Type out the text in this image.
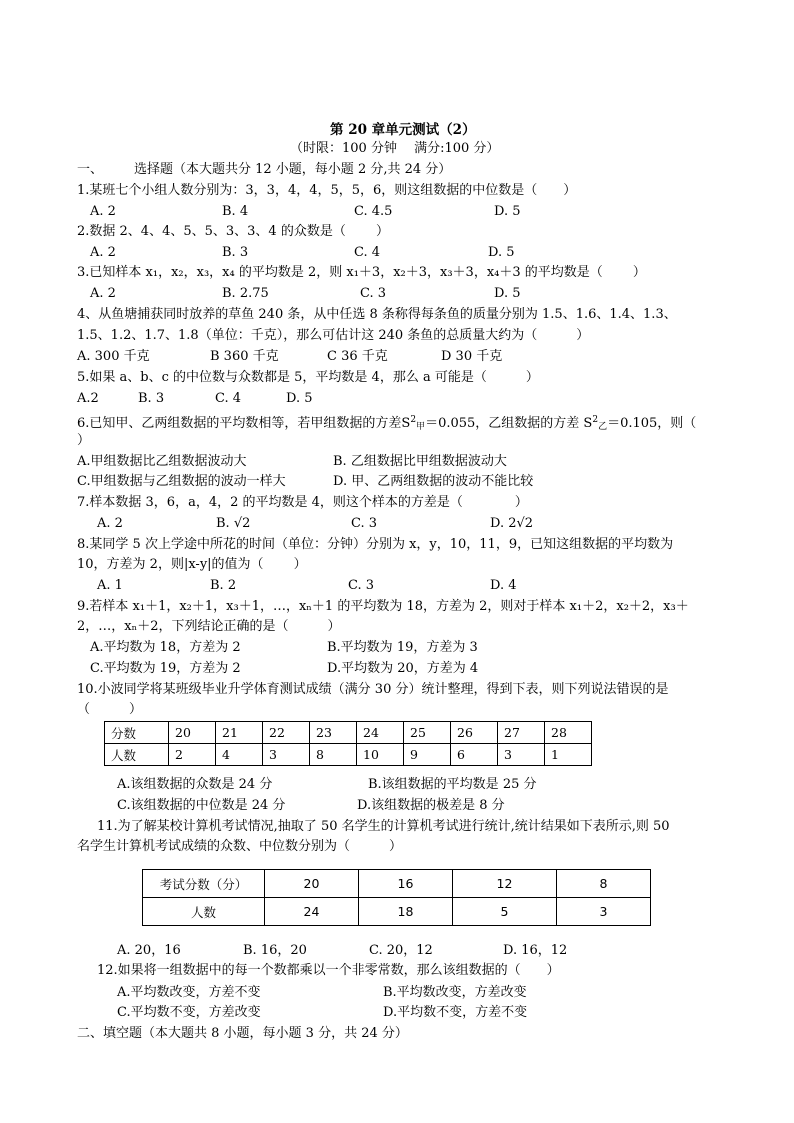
第 20 章单元测试（2）
（时限：100 分钟　 满分:100 分）
一、 选择题（本大题共分 12 小题，每小题 2 分,共 24 分）
1.某班七个小组人数分别为：3，3，4，4，5，5，6，则这组数据的中位数是（　　）
A. 2	B. 4	C. 4.5	D. 5
2.数据 2、4、4、5、5、3、3、4 的众数是（　　 ）
A. 2	B. 3	C. 4	D. 5
3.已知样本 x₁，x₂，x₃，x₄ 的平均数是 2，则 x₁＋3，x₂＋3，x₃＋3，x₄＋3 的平均数是（　　 ）
A. 2	B. 2.75	C. 3	D. 5
4、从鱼塘捕获同时放养的草鱼 240 条，从中任选 8 条称得每条鱼的质量分别为 1.5、1.6、1.4、1.3、
1.5、1.2、1.7、1.8（单位：千克），那么可估计这 240 条鱼的总质量大约为（　　　）
A. 300 千克	B 360 千克	C 36 千克	D 30 千克
5.如果 a、b、c 的中位数与众数都是 5，平均数是 4，那么 a 可能是（　　　）
A.2	B. 3	C. 4	D. 5
6.已知甲、乙两组数据的平均数相等，若甲组数据的方差$S^2_甲=0.055$，乙组数据的方差 $S^2_乙=0.105$，则（
）
A.甲组数据比乙组数据波动大	B. 乙组数据比甲组数据波动大
C.甲组数据与乙组数据的波动一样大	D. 甲、乙两组数据的波动不能比较
7.样本数据 3，6，a，4，2 的平均数是 4，则这个样本的方差是（　　　　）
A. 2	B. √2	C. 3	D. 2√2
8.某同学 5 次上学途中所花的时间（单位：分钟）分别为 x，y，10，11，9，已知这组数据的平均数为
10，方差为 2，则|x-y|的值为（　　 ）
A. 1	B. 2	C. 3	D. 4
9.若样本 x₁＋1，x₂＋1，x₃＋1，…，xₙ＋1 的平均数为 18，方差为 2，则对于样本 x₁＋2，x₂＋2，x₃＋
2，…，xₙ＋2，下列结论正确的是（　　　）
A.平均数为 18，方差为 2	B.平均数为 19，方差为 3
C.平均数为 19，方差为 2	D.平均数为 20，方差为 4
10.小波同学将某班级毕业升学体育测试成绩（满分 30 分）统计整理，得到下表，则下列说法错误的是
（　　　）
分数	20	21	22	23	24	25	26	27	28
人数	2	4	3	8	10	9	6	3	1
A.该组数据的众数是 24 分	B.该组数据的平均数是 25 分
C.该组数据的中位数是 24 分	D.该组数据的极差是 8 分
11.为了解某校计算机考试情况,抽取了 50 名学生的计算机考试进行统计,统计结果如下表所示,则 50
名学生计算机考试成绩的众数、中位数分别为（　　　）
考试分数（分）	20	16	12	8
人数	24	18	5	3
A. 20，16	B. 16，20	C. 20，12	D. 16，12
12.如果将一组数据中的每一个数都乘以一个非零常数，那么该组数据的（　　）
A.平均数改变，方差不变	B.平均数改变，方差改变
C.平均数不变，方差改变	D.平均数不变，方差不变
二、填空题（本大题共 8 小题，每小题 3 分，共 24 分）
